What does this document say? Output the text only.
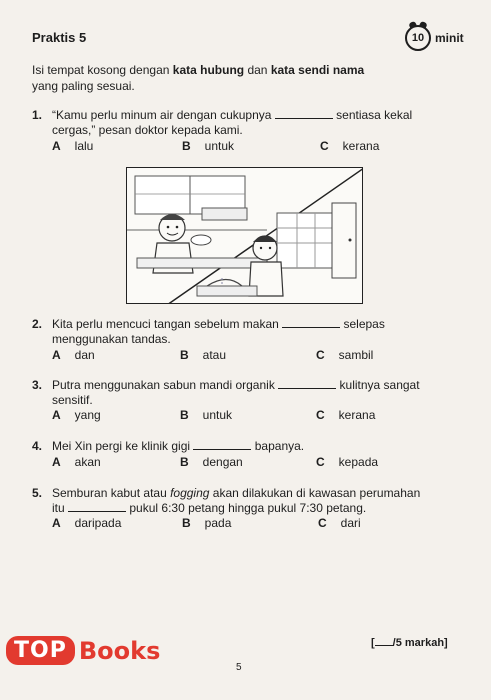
Praktis 5	10 minit
Isi tempat kosong dengan kata hubung dan kata sendi nama
yang paling sesuai.
1. “Kamu perlu minum air dengan cukupnya	sentiasa kekal
cergas,” pesan doktor kepada kami.
A lalu	B untuk	C kerana
2. Kita perlu mencuci tangan sebelum makan	selepas
menggunakan tandas.
A dan	B atau	C sambil
3. Putra menggunakan sabun mandi organik	kulitnya sangat
sensitif.
A yang	B untuk	C kerana
4. Mei Xin pergi ke klinik gigi	bapanya.
A akan	B dengan	C kepada
5. Semburan kabut atau fogging akan dilakukan di kawasan perumahan
itu	pukul 6:30 petang hingga pukul 7:30 petang.
A daripada	B pada	C dari
[ /5 markah]
5
TOP Books
